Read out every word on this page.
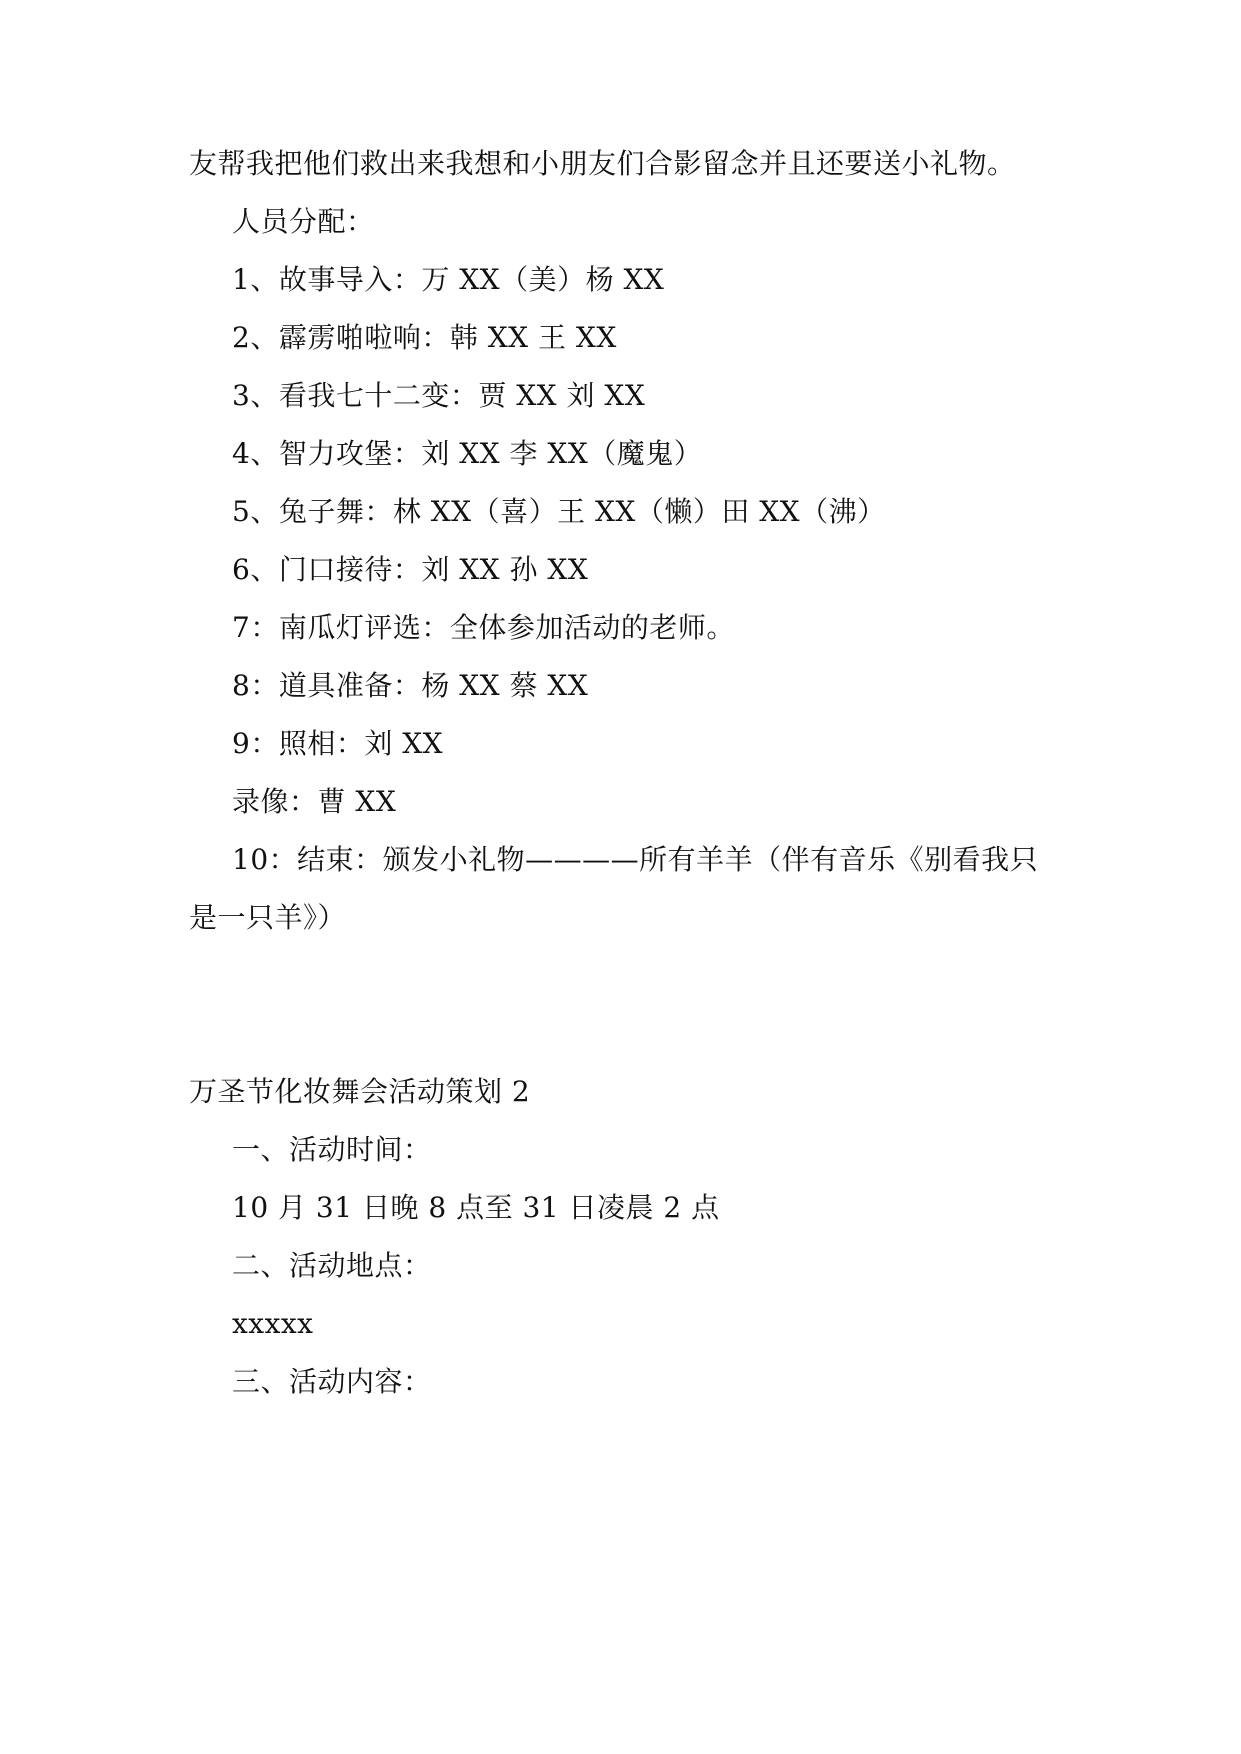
友帮我把他们救出来我想和小朋友们合影留念并且还要送小礼物。
人员分配：
1、故事导入：万 XX（美）杨 XX
2、霹雳啪啦响：韩 XX 王 XX
3、看我七十二变：贾 XX 刘 XX
4、智力攻堡：刘 XX 李 XX（魔鬼）
5、兔子舞：林 XX（喜）王 XX（懒）田 XX（沸）
6、门口接待：刘 XX 孙 XX
7：南瓜灯评选：全体参加活动的老师。
8：道具准备：杨 XX 蔡 XX
9：照相：刘 XX
录像：曹 XX
10：结束：颁发小礼物————所有羊羊（伴有音乐《别看我只
是一只羊》）
万圣节化妆舞会活动策划 2
一、活动时间：
10 月 31 日晚 8 点至 31 日凌晨 2 点
二、活动地点：
xxxxx
三、活动内容：
